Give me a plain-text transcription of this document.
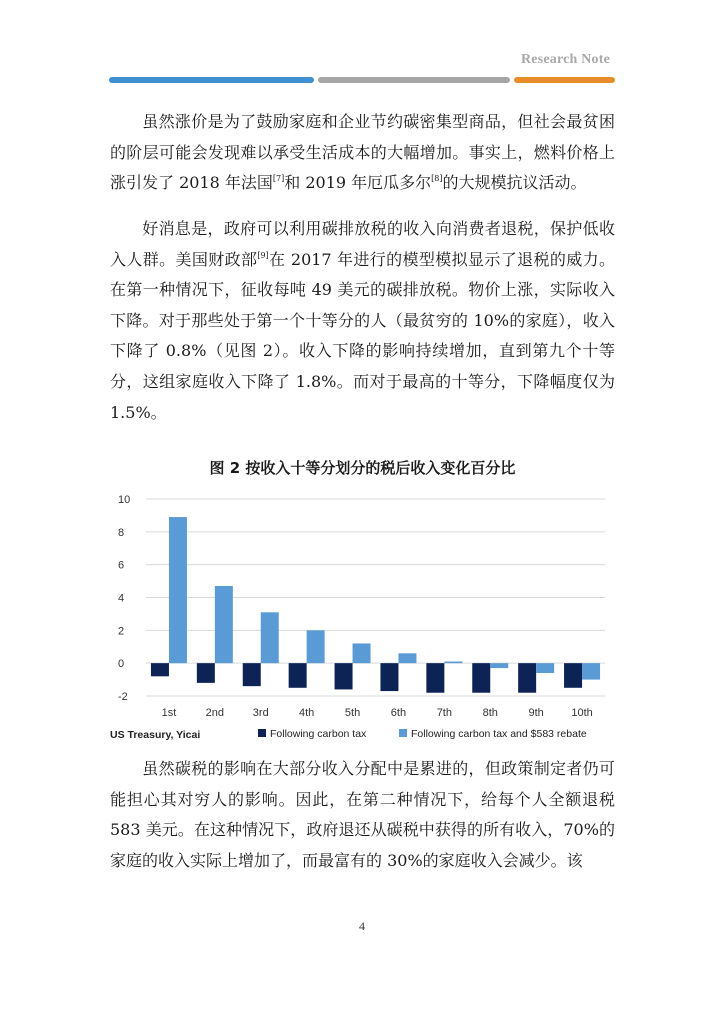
Research Note

虽然涨价是为了鼓励家庭和企业节约碳密集型商品，但社会最贫困的阶层可能会发现难以承受生活成本的大幅增加。事实上，燃料价格上涨引发了 2018 年法国[7]和 2019 年厄瓜多尔[8]的大规模抗议活动。

好消息是，政府可以利用碳排放税的收入向消费者退税，保护低收入人群。美国财政部[9]在 2017 年进行的模型模拟显示了退税的威力。在第一种情况下，征收每吨 49 美元的碳排放税。物价上涨，实际收入下降。对于那些处于第一个十等分的人（最贫穷的 10%的家庭），收入下降了 0.8%（见图 2）。收入下降的影响持续增加，直到第九个十等分，这组家庭收入下降了 1.8%。而对于最高的十等分，下降幅度仅为 1.5%。

图 2 按收入十等分划分的税后收入变化百分比
10
8
6
4
2
0
-2
1st	2nd	3rd	4th	5th	6th	7th	8th	9th	10th
US Treasury, Yicai	Following carbon tax	Following carbon tax and $583 rebate

虽然碳税的影响在大部分收入分配中是累进的，但政策制定者仍可能担心其对穷人的影响。因此，在第二种情况下，给每个人全额退税 583 美元。在这种情况下，政府退还从碳税中获得的所有收入，70%的家庭的收入实际上增加了，而最富有的 30%的家庭收入会减少。该

4
